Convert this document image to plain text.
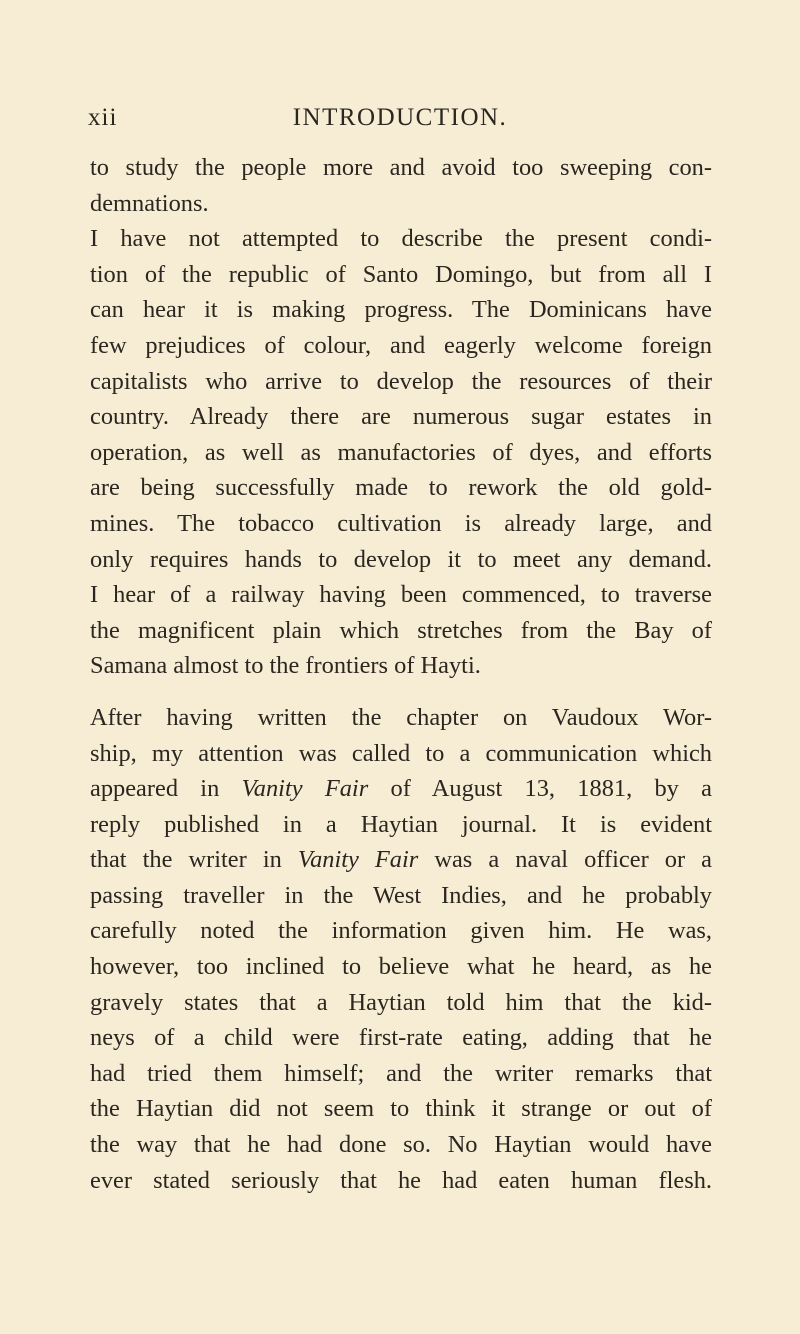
xii	INTRODUCTION.
to study the people more and avoid too sweeping con-
demnations.
I have not attempted to describe the present condi-
tion of the republic of Santo Domingo, but from all I
can hear it is making progress. The Dominicans have
few prejudices of colour, and eagerly welcome foreign
capitalists who arrive to develop the resources of their
country. Already there are numerous sugar estates in
operation, as well as manufactories of dyes, and efforts
are being successfully made to rework the old gold-
mines. The tobacco cultivation is already large, and
only requires hands to develop it to meet any demand.
I hear of a railway having been commenced, to traverse
the magnificent plain which stretches from the Bay of
Samana almost to the frontiers of Hayti.
After having written the chapter on Vaudoux Wor-
ship, my attention was called to a communication which
appeared in Vanity Fair of August 13, 1881, by a
reply published in a Haytian journal. It is evident
that the writer in Vanity Fair was a naval officer or a
passing traveller in the West Indies, and he probably
carefully noted the information given him. He was,
however, too inclined to believe what he heard, as he
gravely states that a Haytian told him that the kid-
neys of a child were first-rate eating, adding that he
had tried them himself; and the writer remarks that
the Haytian did not seem to think it strange or out of
the way that he had done so. No Haytian would have
ever stated seriously that he had eaten human flesh.
